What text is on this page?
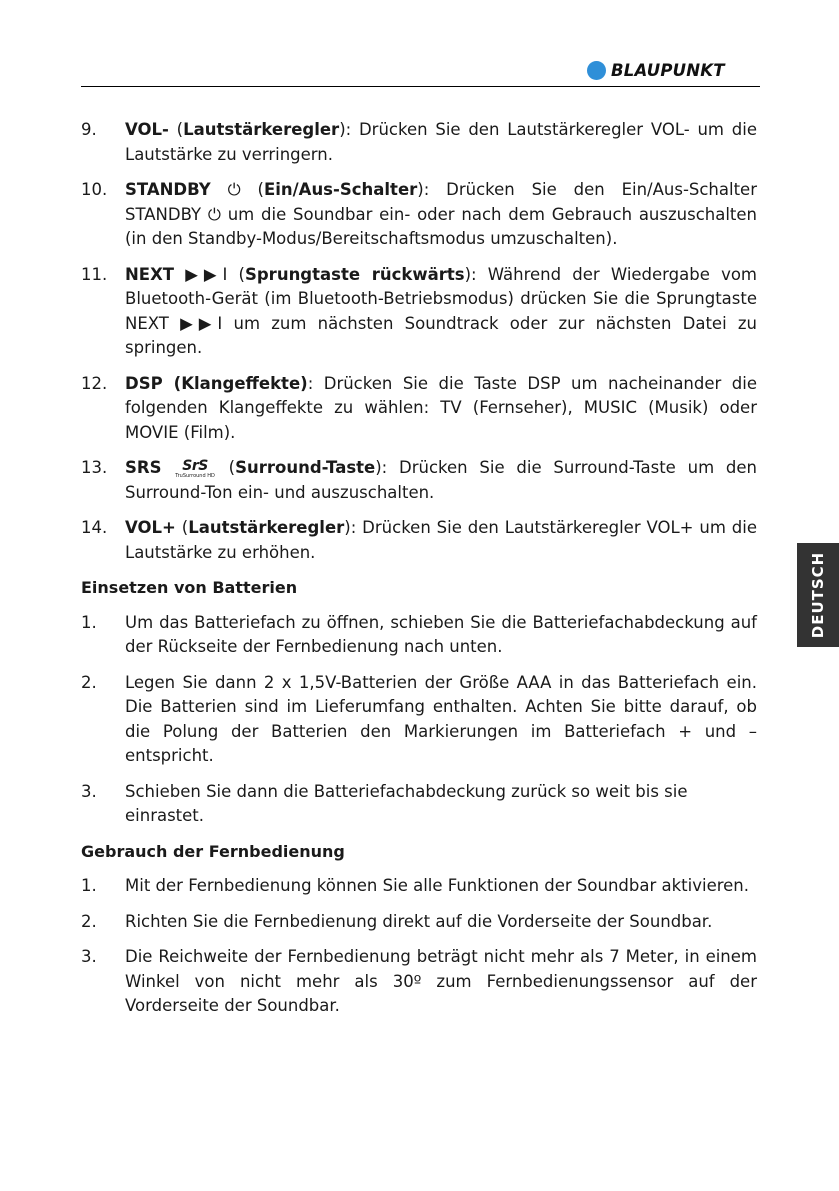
BLAUPUNKT
9.	VOL- (Lautstärkeregler): Drücken Sie den Lautstärkeregler VOL- um die Lautstärke zu verringern.
10.	STANDBY ⏻ (Ein/Aus-Schalter): Drücken Sie den Ein/Aus-Schalter STANDBY ⏻ um die Soundbar ein- oder nach dem Gebrauch auszuschalten (in den Standby-Modus/Bereitschaftsmodus umzuschalten).
11.	NEXT ▶▶I (Sprungtaste rückwärts): Während der Wiedergabe vom Bluetooth-Gerät (im Bluetooth-Betriebsmodus) drücken Sie die Sprungtaste NEXT ▶▶I um zum nächsten Soundtrack oder zur nächsten Datei zu springen.
12.	DSP (Klangeffekte): Drücken Sie die Taste DSP um nacheinander die folgenden Klangeffekte zu wählen: TV (Fernseher), MUSIC (Musik) oder MOVIE (Film).
13.	SRS	SrS
TruSurround HD (Surround-Taste): Drücken Sie die Surround-Taste um den Surround-Ton ein- und auszuschalten.
14.	VOL+ (Lautstärkeregler): Drücken Sie den Lautstärkeregler VOL+ um die Lautstärke zu erhöhen.
Einsetzen von Batterien
1.	Um das Batteriefach zu öffnen, schieben Sie die Batteriefachabdeckung auf der Rückseite der Fernbedienung nach unten.
2.	Legen Sie dann 2 x 1,5V-Batterien der Größe AAA in das Batteriefach ein. Die Batterien sind im Lieferumfang enthalten. Achten Sie bitte darauf, ob die Polung der Batterien den Markierungen im Batteriefach + und – entspricht.
3.	Schieben Sie dann die Batteriefachabdeckung zurück so weit bis sie einrastet.
Gebrauch der Fernbedienung
1.	Mit der Fernbedienung können Sie alle Funktionen der Soundbar aktivieren.
2.	Richten Sie die Fernbedienung direkt auf die Vorderseite der Soundbar.
3.	Die Reichweite der Fernbedienung beträgt nicht mehr als 7 Meter, in einem Winkel von nicht mehr als 30º zum Fernbedienungssensor auf der Vorderseite der Soundbar.
DEUTSCH
